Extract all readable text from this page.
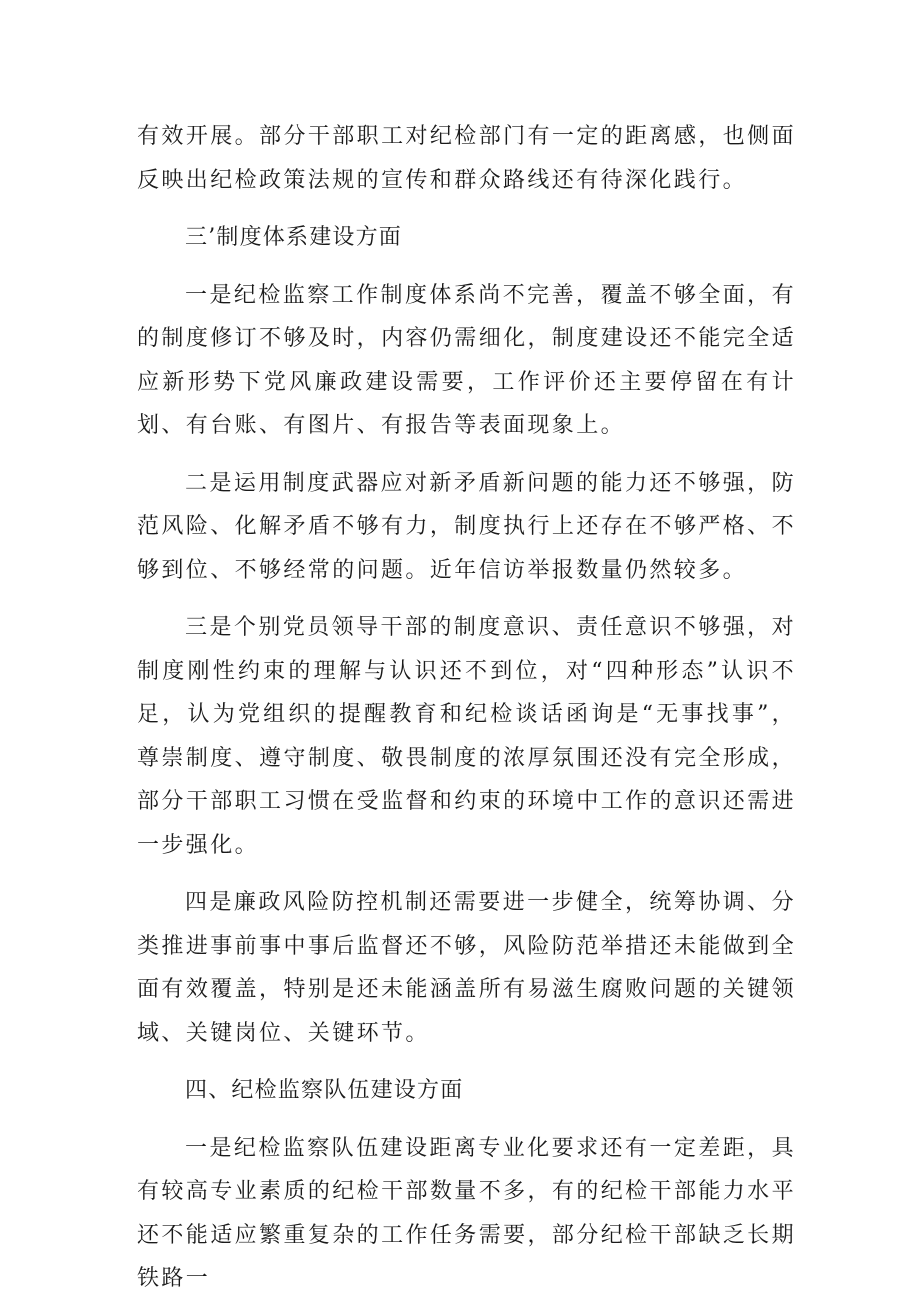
有效开展。部分干部职工对纪检部门有一定的距离感，也侧面反映出纪检政策法规的宣传和群众路线还有待深化践行。

三’制度体系建设方面

一是纪检监察工作制度体系尚不完善，覆盖不够全面，有的制度修订不够及时，内容仍需细化，制度建设还不能完全适应新形势下党风廉政建设需要，工作评价还主要停留在有计划、有台账、有图片、有报告等表面现象上。

二是运用制度武器应对新矛盾新问题的能力还不够强，防范风险、化解矛盾不够有力，制度执行上还存在不够严格、不够到位、不够经常的问题。近年信访举报数量仍然较多。

三是个别党员领导干部的制度意识、责任意识不够强，对制度刚性约束的理解与认识还不到位，对“四种形态”认识不足，认为党组织的提醒教育和纪检谈话函询是“无事找事”，尊崇制度、遵守制度、敬畏制度的浓厚氛围还没有完全形成，部分干部职工习惯在受监督和约束的环境中工作的意识还需进一步强化。

四是廉政风险防控机制还需要进一步健全，统筹协调、分类推进事前事中事后监督还不够，风险防范举措还未能做到全面有效覆盖，特别是还未能涵盖所有易滋生腐败问题的关键领域、关键岗位、关键环节。

四、纪检监察队伍建设方面

一是纪检监察队伍建设距离专业化要求还有一定差距，具有较高专业素质的纪检干部数量不多，有的纪检干部能力水平还不能适应繁重复杂的工作任务需要，部分纪检干部缺乏长期铁路一
